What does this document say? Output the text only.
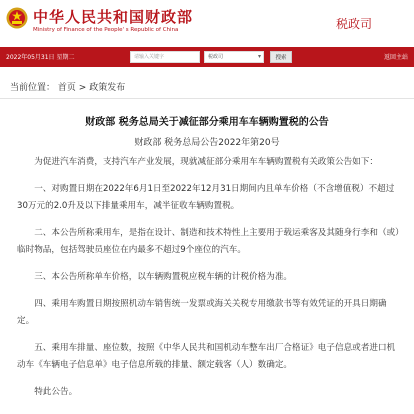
中华人民共和国财政部
Ministry of Finance of the People' s Republic of China	税政司
2022年05月31日 星期二	请输入关键字	税政司	▾	搜索	返回主站
当前位置： 首页 > 政策发布
财政部 税务总局关于减征部分乘用车车辆购置税的公告
财政部 税务总局公告2022年第20号

为促进汽车消费，支持汽车产业发展，现就减征部分乘用车车辆购置税有关政策公告如下：

一、对购置日期在2022年6月1日至2022年12月31日期间内且单车价格（不含增值税）不超过30万元的2.0升及以下排量乘用车，减半征收车辆购置税。

二、本公告所称乘用车，是指在设计、制造和技术特性上主要用于载运乘客及其随身行李和（或）临时物品，包括驾驶员座位在内最多不超过9个座位的汽车。

三、本公告所称单车价格，以车辆购置税应税车辆的计税价格为准。

四、乘用车购置日期按照机动车销售统一发票或海关关税专用缴款书等有效凭证的开具日期确定。

五、乘用车排量、座位数，按照《中华人民共和国机动车整车出厂合格证》电子信息或者进口机动车《车辆电子信息单》电子信息所载的排量、额定载客（人）数确定。

特此公告。
